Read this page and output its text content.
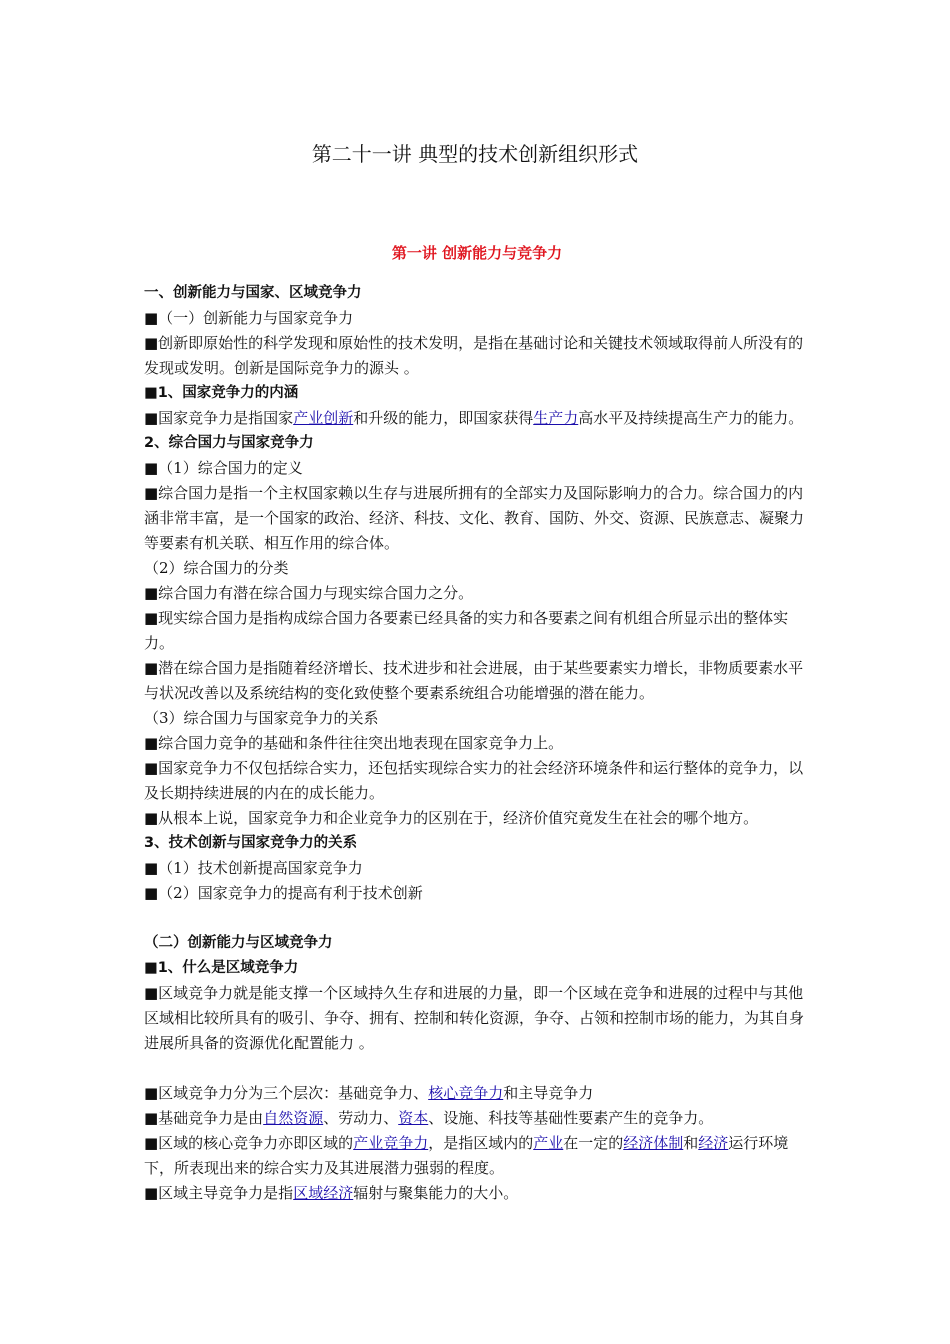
第二十一讲 典型的技术创新组织形式

第一讲 创新能力与竞争力

一、创新能力与国家、区域竞争力

■（一）创新能力与国家竞争力

■创新即原始性的科学发现和原始性的技术发明，是指在基础讨论和关键技术领域取得前人所没有的发现或发明。创新是国际竞争力的源头 。

■1、国家竞争力的内涵

■国家竞争力是指国家产业创新和升级的能力，即国家获得生产力高水平及持续提高生产力的能力。

2、综合国力与国家竞争力

■（1）综合国力的定义

■综合国力是指一个主权国家赖以生存与进展所拥有的全部实力及国际影响力的合力。综合国力的内涵非常丰富，是一个国家的政治、经济、科技、文化、教育、国防、外交、资源、民族意志、凝聚力等要素有机关联、相互作用的综合体。

（2）综合国力的分类

■综合国力有潜在综合国力与现实综合国力之分。

■现实综合国力是指构成综合国力各要素已经具备的实力和各要素之间有机组合所显示出的整体实力。

■潜在综合国力是指随着经济增长、技术进步和社会进展，由于某些要素实力增长，非物质要素水平与状况改善以及系统结构的变化致使整个要素系统组合功能增强的潜在能力。

（3）综合国力与国家竞争力的关系

■综合国力竞争的基础和条件往往突出地表现在国家竞争力上。

■国家竞争力不仅包括综合实力，还包括实现综合实力的社会经济环境条件和运行整体的竞争力，以及长期持续进展的内在的成长能力。

■从根本上说，国家竞争力和企业竞争力的区别在于，经济价值究竟发生在社会的哪个地方。

3、技术创新与国家竞争力的关系

■（1）技术创新提高国家竞争力

■（2）国家竞争力的提高有利于技术创新

（二）创新能力与区域竞争力

■1、什么是区域竞争力

■区域竞争力就是能支撑一个区域持久生存和进展的力量，即一个区域在竞争和进展的过程中与其他区域相比较所具有的吸引、争夺、拥有、控制和转化资源，争夺、占领和控制市场的能力，为其自身进展所具备的资源优化配置能力 。

■区域竞争力分为三个层次：基础竞争力、核心竞争力和主导竞争力

■基础竞争力是由自然资源、劳动力、资本、设施、科技等基础性要素产生的竞争力。

■区域的核心竞争力亦即区域的产业竞争力，是指区域内的产业在一定的经济体制和经济运行环境下，所表现出来的综合实力及其进展潜力强弱的程度。

■区域主导竞争力是指区域经济辐射与聚集能力的大小。
